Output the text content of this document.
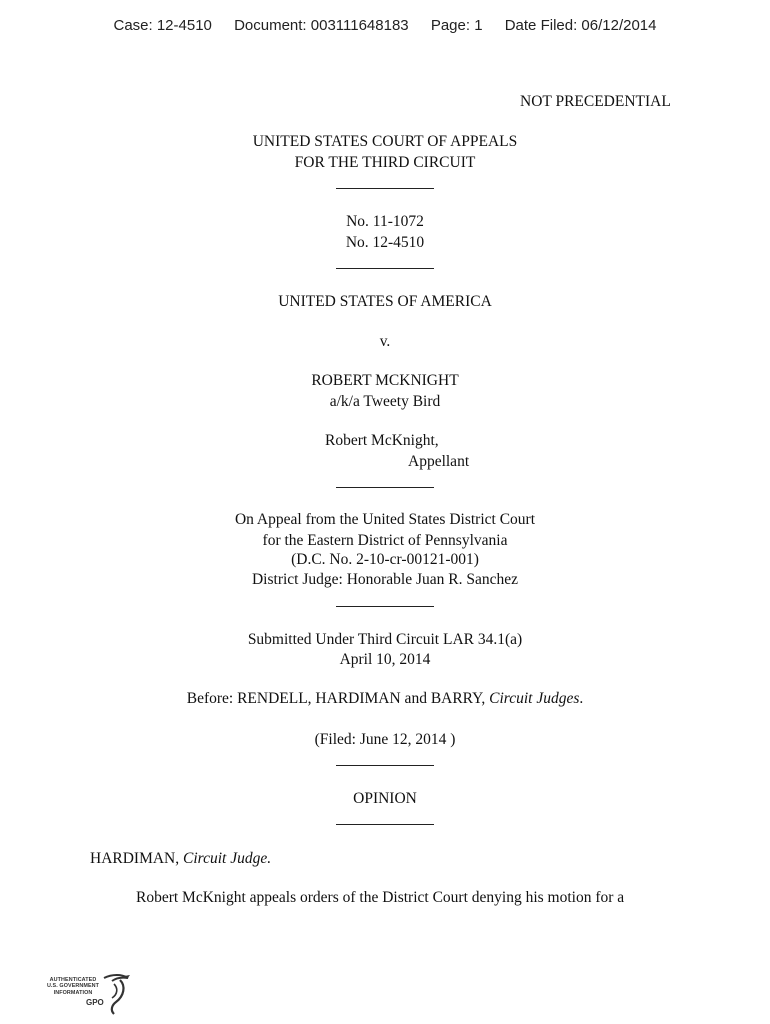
Case: 12-4510 Document: 003111648183 Page: 1 Date Filed: 06/12/2014
NOT PRECEDENTIAL
UNITED STATES COURT OF APPEALS
FOR THE THIRD CIRCUIT
No. 11-1072
No. 12-4510
UNITED STATES OF AMERICA
v.
ROBERT MCKNIGHT
a/k/a Tweety Bird
Robert McKnight,
Appellant
On Appeal from the United States District Court
for the Eastern District of Pennsylvania
(D.C. No. 2-10-cr-00121-001)
District Judge: Honorable Juan R. Sanchez
Submitted Under Third Circuit LAR 34.1(a)
April 10, 2014
Before: RENDELL, HARDIMAN and BARRY, Circuit Judges.
(Filed: June 12, 2014 )
OPINION
HARDIMAN, Circuit Judge.
Robert McKnight appeals orders of the District Court denying his motion for a
AUTHENTICATED
U.S. GOVERNMENT
INFORMATION
GPO
